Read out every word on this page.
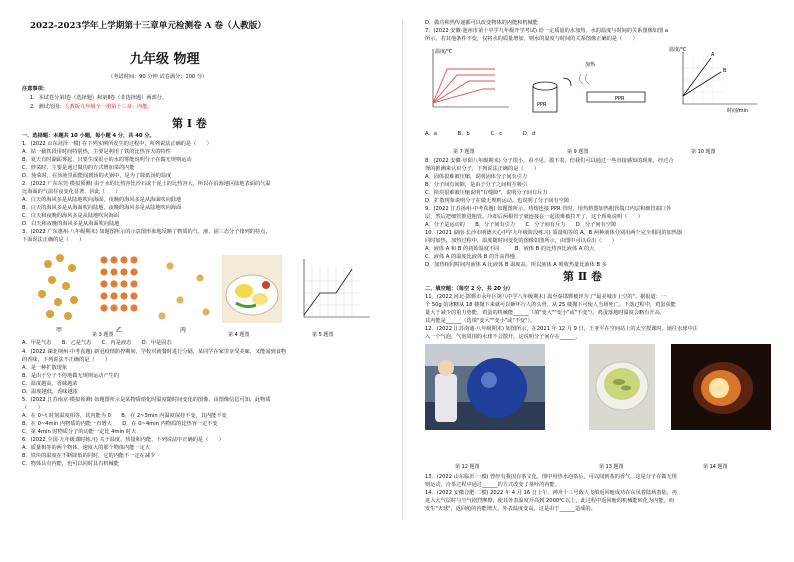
2022-2023学年上学期第十三章单元检测卷 A 卷（人教版）
九年级 物理
（考试时间：90 分钟 试卷满分：100 分）
注意事项：
1．本试卷分第Ⅰ卷（选择题）和第Ⅱ卷（非选择题）两部分。
2．测试范围：人教版九年级全一册第十三章：内能。
第 Ⅰ 卷
一、选择题：本题共 10 小题，每小题 4 分，共 40 分。
1．(2022 山东菏泽一模) 在下列实例所发生的过程中，所列说法正确的是（　　）
A．钻一截铁段用时间特别热，主要是利用了铁的比热容大的特性
B．夏天有时湖面雾起，只要生成很小的水的雾能说明分子在做无规则运动
C．炒菜时，主要是通过做功的方式增加菜的内能
D．炖菜时，在汤液里面能闻到汤的火锅中，是为了降低汤的温度
2．(2022 广东东莞·模拟预测) 由于水的比热容比沙石或干泥土的比热容大，所以在沿海地区陆地表面的气温
比海面的气温昼夜变化显著，因此（　　）
A．白天的海风多是从陆地吹向海面，夜晚的海风多是从海面吹向陆地
B．白天的海风多是从海面吹向陆地，夜晚的海风多是从陆地吹向海面
C．白天和夜晚的海风多是从陆地吹向海面
D．白天和夜晚的海风多是从海面吹向陆地
3．(2022 广东惠州·八年级期末) 如题图所示的示意图形象地反映了物质的气、液、固三态分子排列的特点，
下面说法正确的是（　　）
甲	乙	丙
第 3 题图	第 4 题图	第 5 题图
A．甲是气态　　B．乙是气态　　C．丙是液态　　D．甲是固态
4．(2022 湖北荆州·中考真题) 新冠疫情防控期间，学校对就餐时进行分隔，某同学在家里享受美味，又能闻到食物
的香味，下列说法不正确的是（　　）
A．是一种扩散现象
B．是由于分子不停地做无规则运动产生的
C．温度越高，香味越浓
D．温度越低，香味越浓
5．(2022 江苏南京·模拟预测) 如题图所示是某物质熔化时温度随时间变化的图像，由图像信息可知，此物质
（　　）
A．在 0~t 时刻温度相等，其内能为 0　　B．在 2~3min 内温度保持不变，其内能不变
B．在 0~4min 内物质的内能一直增大　　D．在 0~4min 内物质的比热容一定不变
C．第 4min 时物质分子的动能一定比 4min 时大
6．(2022 全国·九年级课时练习) 关于温度、热量和内能，下列说法中正确的是（　　）
A．质量相等的两个物体，速度大的那个物体内能一定大
B．铁块的温度在不断降低的同时，它的内能不一定在减少
C．物体具有内能，也可以同时具有机械能
D．做功和热传递都可以改变物体的内能和机械能
7．(2022 安徽·池州市第十中学九年级开学考试) 给一定质量的水加热，水的温度与时间的关系图像如图 a
所示。若其他条件不变，仅将水的质量增加，则水的温度与时间的关系图像正确的是（　　）
温度/℃
加热
PPR
PPR
温度/℃
时间/min
A
B
第 7 题图	第 9 题图	第 10 题图
A．a　　　　B．b　　　　C．c　　　　D．d
8．(2022 安徽·阜阳八年级期末) 分子很小，看不见、摸不着，但我们可以通过一些直接感知的现象，经过合
理的推测来认识分子，下列说法正确的是（　　）
A．固体很难被压缩，说明固体分子间有引力
B．分子间有间隙，是由于分子之间相互吸引
C．铅块很难被压缩说明"有缝隙"，说明分子间有斥力
D．扩散现象说明分子在做无规则运动，也说明了分子间有空隙
9．(2022 江苏扬州·中考真题) 如题图所示，热熔连接 PPR 管时，用热熔器加热粗管端口内层和细管端口外
层，然后把细管推进粗管，冷却后两根管子就连接在一起很难被拉开了，这个现象说明（　　）
A．分子是运动的　　B．分子间有引力　　C．分子间有斥力　　D．分子间有空隙
10．(2021 湖南·长沙市明德天心中学九年级阶段练习) 质量相等的 A、B 两种液体分别用两个完全相同的加热器
同时加热，加热过程中，温度随时间变化的图像如图所示，由图中可以看出（　　）
A．液体 A 和 B 的初始温度不同　　　B．液体 B 的比热容比液体 A 的大
C．液体 A 的温度比液体 B 的升高得慢
D．加热相同时间内液体 A 比液体 B 温度高，所以液体 A 吸收热量比液体 B 多
第 Ⅱ 卷
二、填空题：（每空 2 分，共 20 分）
11．(2022 河北·邯郸市永年区第八中学八年级期末) 嵩至秦邯郸被评为了"最美城市上空的"。据报道：一
个 50g 的冰糖从 18 楼抛下来就可以砸坏行人的头骨，从 25 楼抛下可使人当场死亡。下落过程中，鸡蛋获能
量大于减少的重力势能，鸡蛋的机械能______（填"变大""变小"或"不变"）。鸡蛋落地时温度会略有升高，
其内能是______（选填"变大""变小"或"不变"）。
12．(2022 江苏南通·八年级期末) 如图所示，在2021 年 12 月 9 日，王亚平在空间站上的太空授课时，她往水球中注
入一个气泡，气泡周围的水球不会散开，这说明分子间存在______。
第 12 题图	第 13 题图	第 14 题图
13．(2022 山东临沂·一模) 曾经有我国有茶文化，图中用热水泡茶后，可以闻到茶的香气，这是分子在做无规
则运动，冷茶过程中通过______的方式改变了茶叶的内能。
14．(2022 安徽合肥·二模) 2022 年 4 月 16 日上午，神舟十三号载人飞船返回舱成功在东风着陆场着陆，再
进入大气层时与空气剧烈摩擦，使其外表温度升高到 2000℃以上，此过程中返回舱的机械能转化为内能，而
发生"火球"，返回舱的内能增大，外表温度变高，这是由于______造成的。
